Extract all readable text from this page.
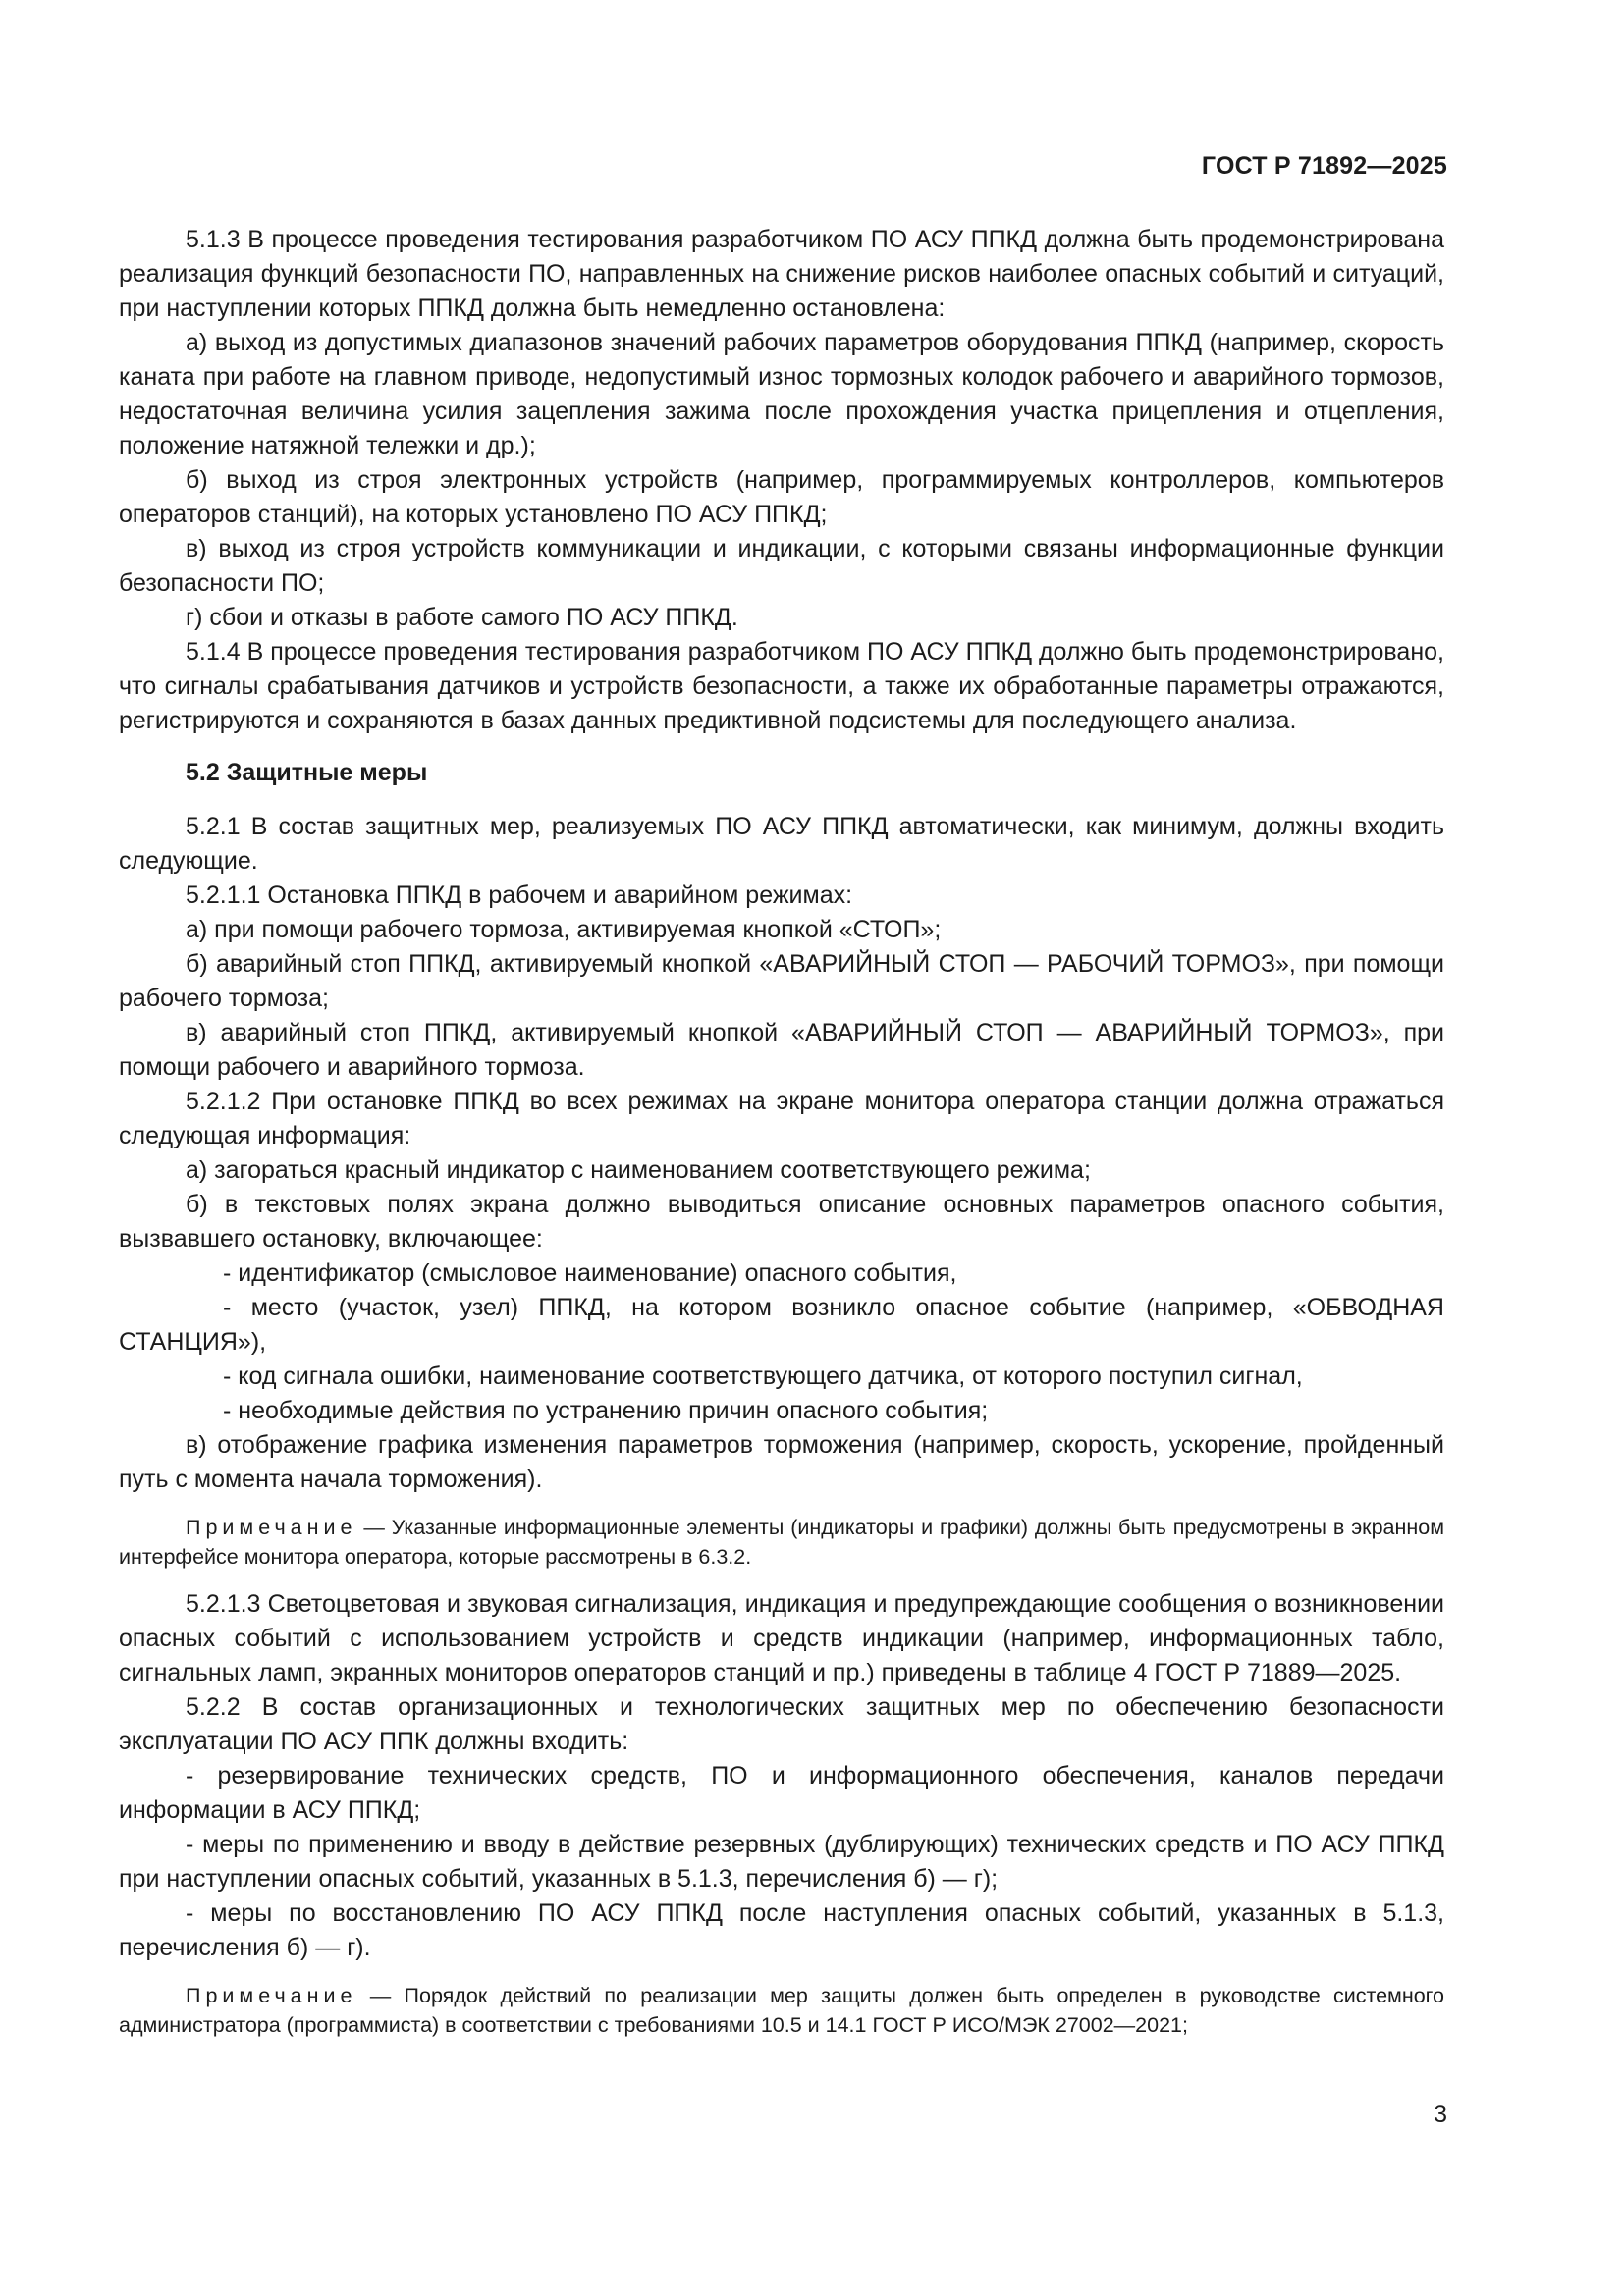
ГОСТ Р 71892—2025

5.1.3 В процессе проведения тестирования разработчиком ПО АСУ ППКД должна быть продемонстрирована реализация функций безопасности ПО, направленных на снижение рисков наиболее опасных событий и ситуаций, при наступлении которых ППКД должна быть немедленно остановлена:

а) выход из допустимых диапазонов значений рабочих параметров оборудования ППКД (например, скорость каната при работе на главном приводе, недопустимый износ тормозных колодок рабочего и аварийного тормозов, недостаточная величина усилия зацепления зажима после прохождения участка прицепления и отцепления, положение натяжной тележки и др.);

б) выход из строя электронных устройств (например, программируемых контроллеров, компьютеров операторов станций), на которых установлено ПО АСУ ППКД;

в) выход из строя устройств коммуникации и индикации, с которыми связаны информационные функции безопасности ПО;

г) сбои и отказы в работе самого ПО АСУ ППКД.

5.1.4 В процессе проведения тестирования разработчиком ПО АСУ ППКД должно быть продемонстрировано, что сигналы срабатывания датчиков и устройств безопасности, а также их обработанные параметры отражаются, регистрируются и сохраняются в базах данных предиктивной подсистемы для последующего анализа.

5.2 Защитные меры

5.2.1 В состав защитных мер, реализуемых ПО АСУ ППКД автоматически, как минимум, должны входить следующие.

5.2.1.1 Остановка ППКД в рабочем и аварийном режимах:

а) при помощи рабочего тормоза, активируемая кнопкой «СТОП»;

б) аварийный стоп ППКД, активируемый кнопкой «АВАРИЙНЫЙ СТОП — РАБОЧИЙ ТОРМОЗ», при помощи рабочего тормоза;

в) аварийный стоп ППКД, активируемый кнопкой «АВАРИЙНЫЙ СТОП — АВАРИЙНЫЙ ТОРМОЗ», при помощи рабочего и аварийного тормоза.

5.2.1.2 При остановке ППКД во всех режимах на экране монитора оператора станции должна отражаться следующая информация:

а) загораться красный индикатор с наименованием соответствующего режима;

б) в текстовых полях экрана должно выводиться описание основных параметров опасного события, вызвавшего остановку, включающее:

- идентификатор (смысловое наименование) опасного события,

- место (участок, узел) ППКД, на котором возникло опасное событие (например, «ОБВОДНАЯ СТАНЦИЯ»),

- код сигнала ошибки, наименование соответствующего датчика, от которого поступил сигнал,

- необходимые действия по устранению причин опасного события;

в) отображение графика изменения параметров торможения (например, скорость, ускорение, пройденный путь с момента начала торможения).

Примечание — Указанные информационные элементы (индикаторы и графики) должны быть предусмотрены в экранном интерфейсе монитора оператора, которые рассмотрены в 6.3.2.

5.2.1.3 Светоцветовая и звуковая сигнализация, индикация и предупреждающие сообщения о возникновении опасных событий с использованием устройств и средств индикации (например, информационных табло, сигнальных ламп, экранных мониторов операторов станций и пр.) приведены в таблице 4 ГОСТ Р 71889—2025.

5.2.2 В состав организационных и технологических защитных мер по обеспечению безопасности эксплуатации ПО АСУ ППК должны входить:

- резервирование технических средств, ПО и информационного обеспечения, каналов передачи информации в АСУ ППКД;

- меры по применению и вводу в действие резервных (дублирующих) технических средств и ПО АСУ ППКД при наступлении опасных событий, указанных в 5.1.3, перечисления б) — г);

- меры по восстановлению ПО АСУ ППКД после наступления опасных событий, указанных в 5.1.3, перечисления б) — г).

Примечание — Порядок действий по реализации мер защиты должен быть определен в руководстве системного администратора (программиста) в соответствии с требованиями 10.5 и 14.1 ГОСТ Р ИСО/МЭК 27002—2021;

3
